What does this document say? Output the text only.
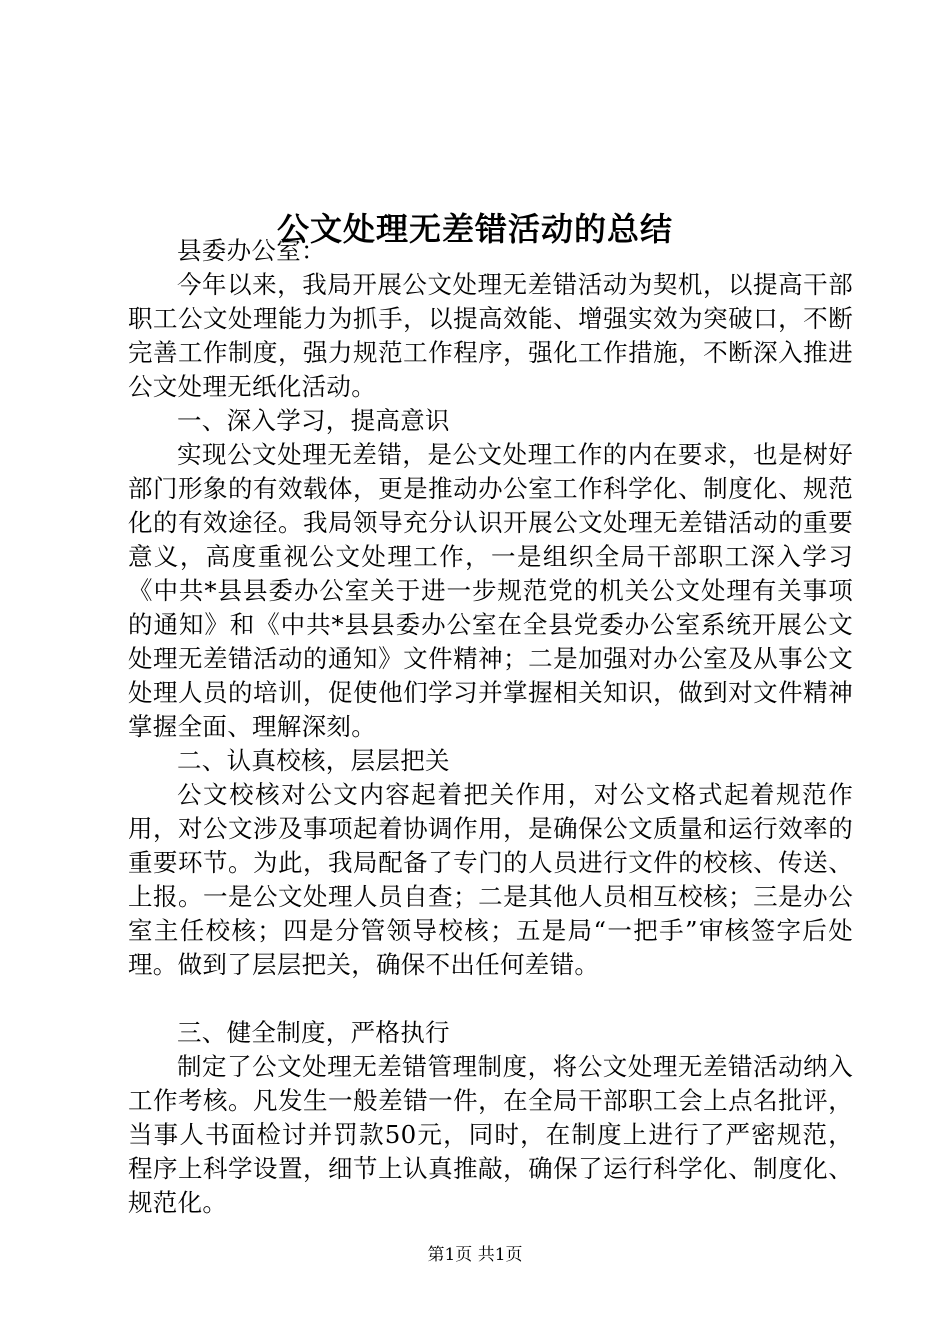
公文处理无差错活动的总结

县委办公室：

今年以来，我局开展公文处理无差错活动为契机，以提高干部职工公文处理能力为抓手，以提高效能、增强实效为突破口，不断完善工作制度，强力规范工作程序，强化工作措施，不断深入推进公文处理无纸化活动。

一、深入学习，提高意识

实现公文处理无差错，是公文处理工作的内在要求，也是树好部门形象的有效载体，更是推动办公室工作科学化、制度化、规范化的有效途径。我局领导充分认识开展公文处理无差错活动的重要意义，高度重视公文处理工作，一是组织全局干部职工深入学习《中共*县县委办公室关于进一步规范党的机关公文处理有关事项的通知》和《中共*县县委办公室在全县党委办公室系统开展公文处理无差错活动的通知》文件精神；二是加强对办公室及从事公文处理人员的培训，促使他们学习并掌握相关知识，做到对文件精神掌握全面、理解深刻。

二、认真校核，层层把关

公文校核对公文内容起着把关作用，对公文格式起着规范作用，对公文涉及事项起着协调作用，是确保公文质量和运行效率的重要环节。为此，我局配备了专门的人员进行文件的校核、传送、上报。一是公文处理人员自查；二是其他人员相互校核；三是办公室主任校核；四是分管领导校核；五是局“一把手”审核签字后处理。做到了层层把关，确保不出任何差错。

三、健全制度，严格执行

制定了公文处理无差错管理制度，将公文处理无差错活动纳入工作考核。凡发生一般差错一件，在全局干部职工会上点名批评，当事人书面检讨并罚款50元，同时，在制度上进行了严密规范，程序上科学设置，细节上认真推敲，确保了运行科学化、制度化、规范化。

第1页 共1页
